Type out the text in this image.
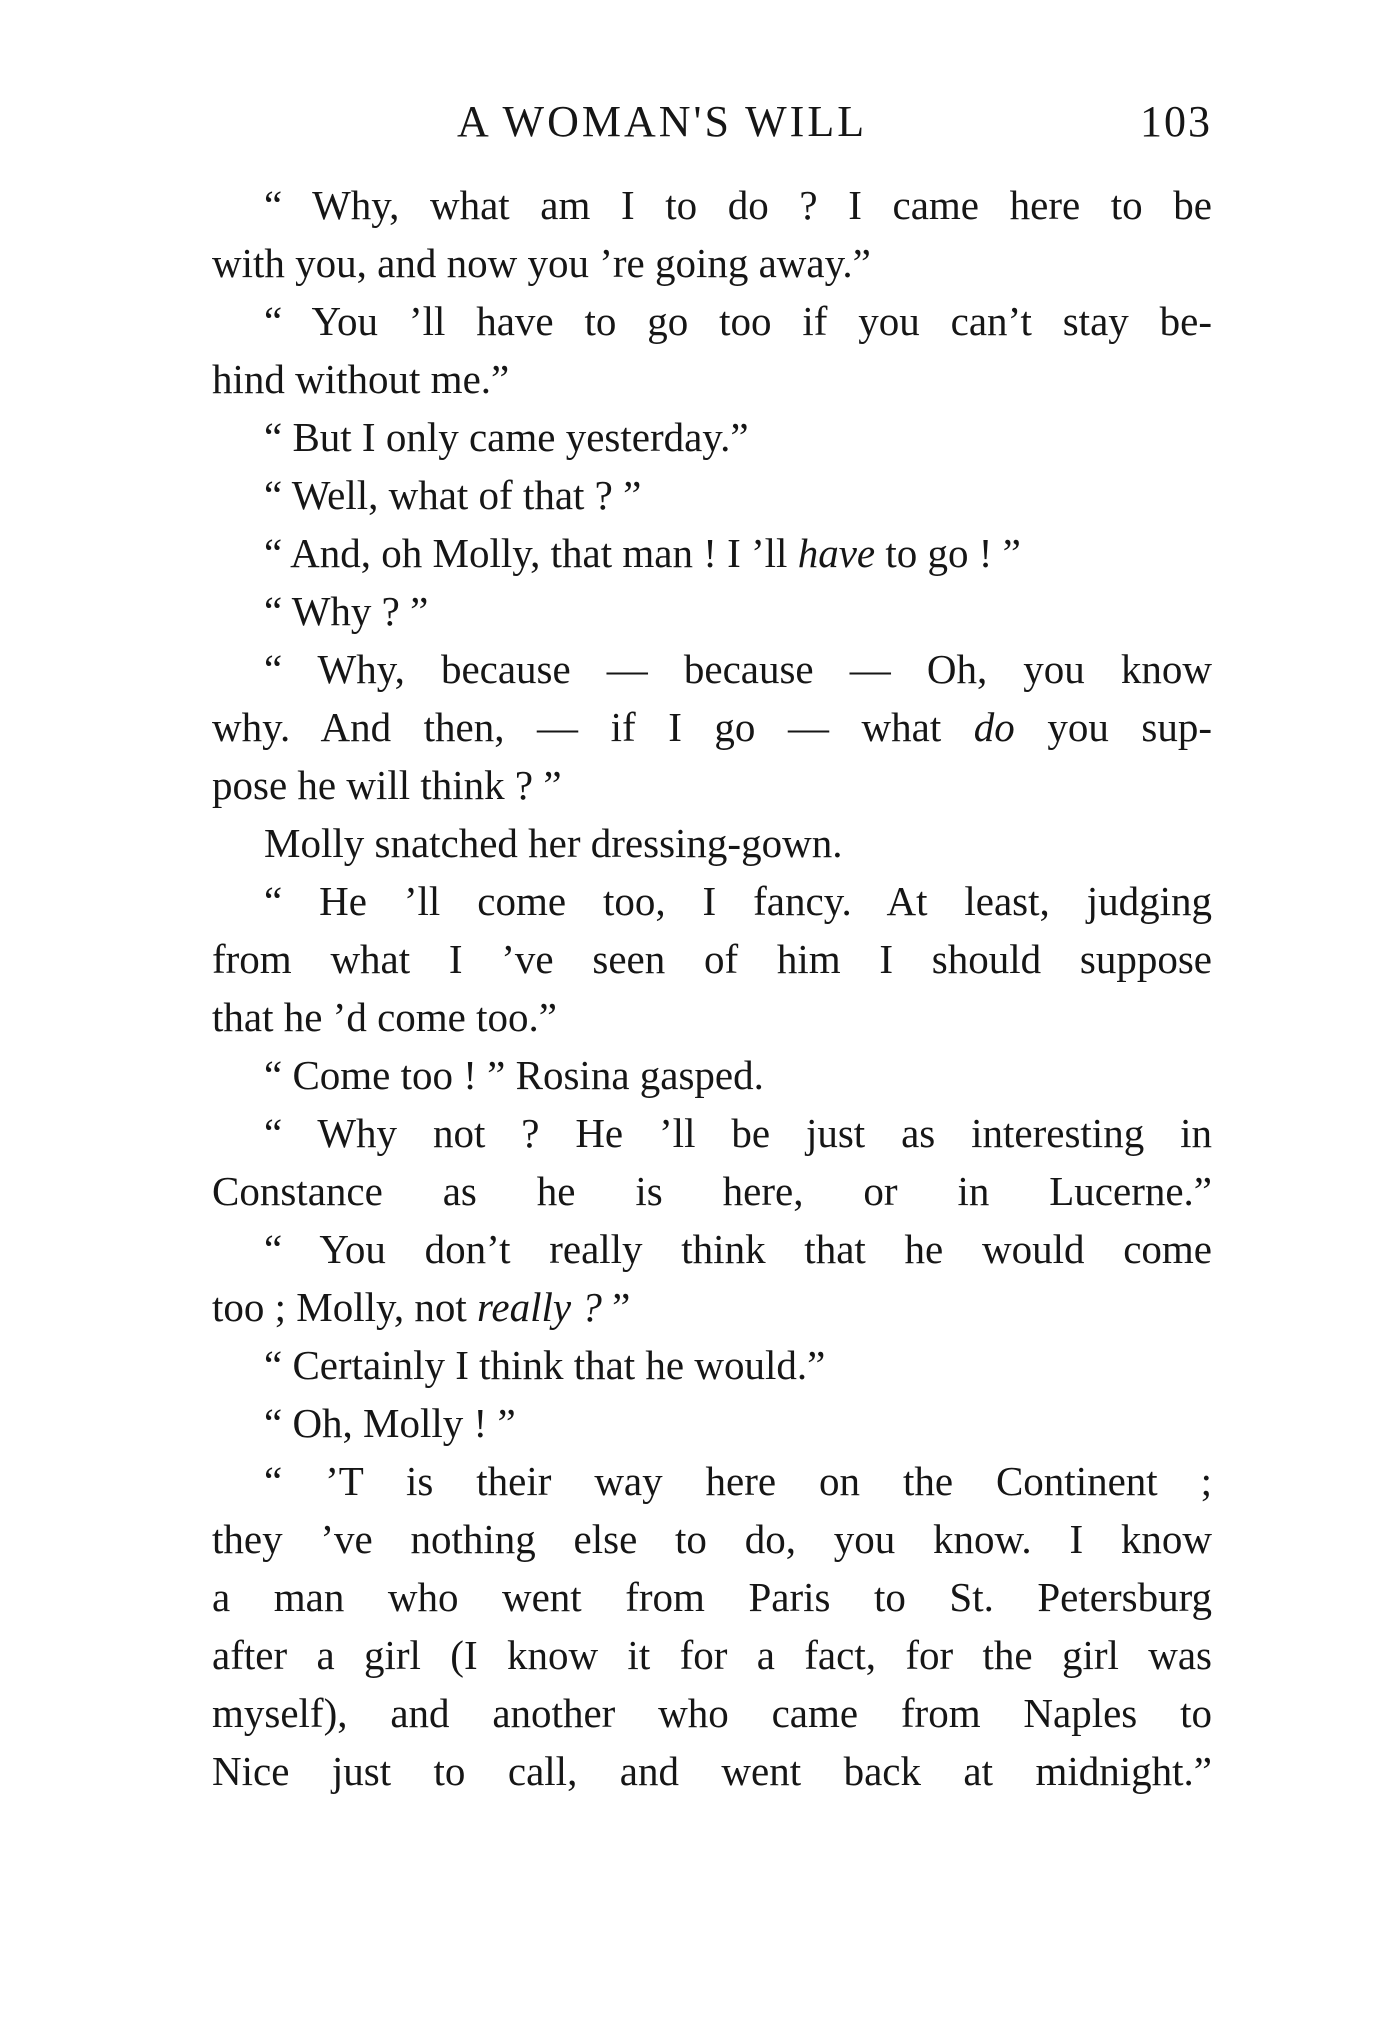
A WOMAN'S WILL	103
“ Why, what am I to do ? I came here to be
with you, and now you ’re going away.”
“ You ’ll have to go too if you can’t stay be-
hind without me.”
“ But I only came yesterday.”
“ Well, what of that ? ”
“ And, oh Molly, that man ! I ’ll have to go ! ”
“ Why ? ”
“ Why, because — because — Oh, you know
why. And then, — if I go — what do you sup-
pose he will think ? ”
Molly snatched her dressing-gown.
“ He ’ll come too, I fancy. At least, judging
from what I ’ve seen of him I should suppose
that he ’d come too.”
“ Come too ! ” Rosina gasped.
“ Why not ? He ’ll be just as interesting in
Constance as he is here, or in Lucerne.”
“ You don’t really think that he would come
too ; Molly, not really ? ”
“ Certainly I think that he would.”
“ Oh, Molly ! ”
“ ’T is their way here on the Continent ;
they ’ve nothing else to do, you know. I know
a man who went from Paris to St. Petersburg
after a girl (I know it for a fact, for the girl was
myself), and another who came from Naples to
Nice just to call, and went back at midnight.”
